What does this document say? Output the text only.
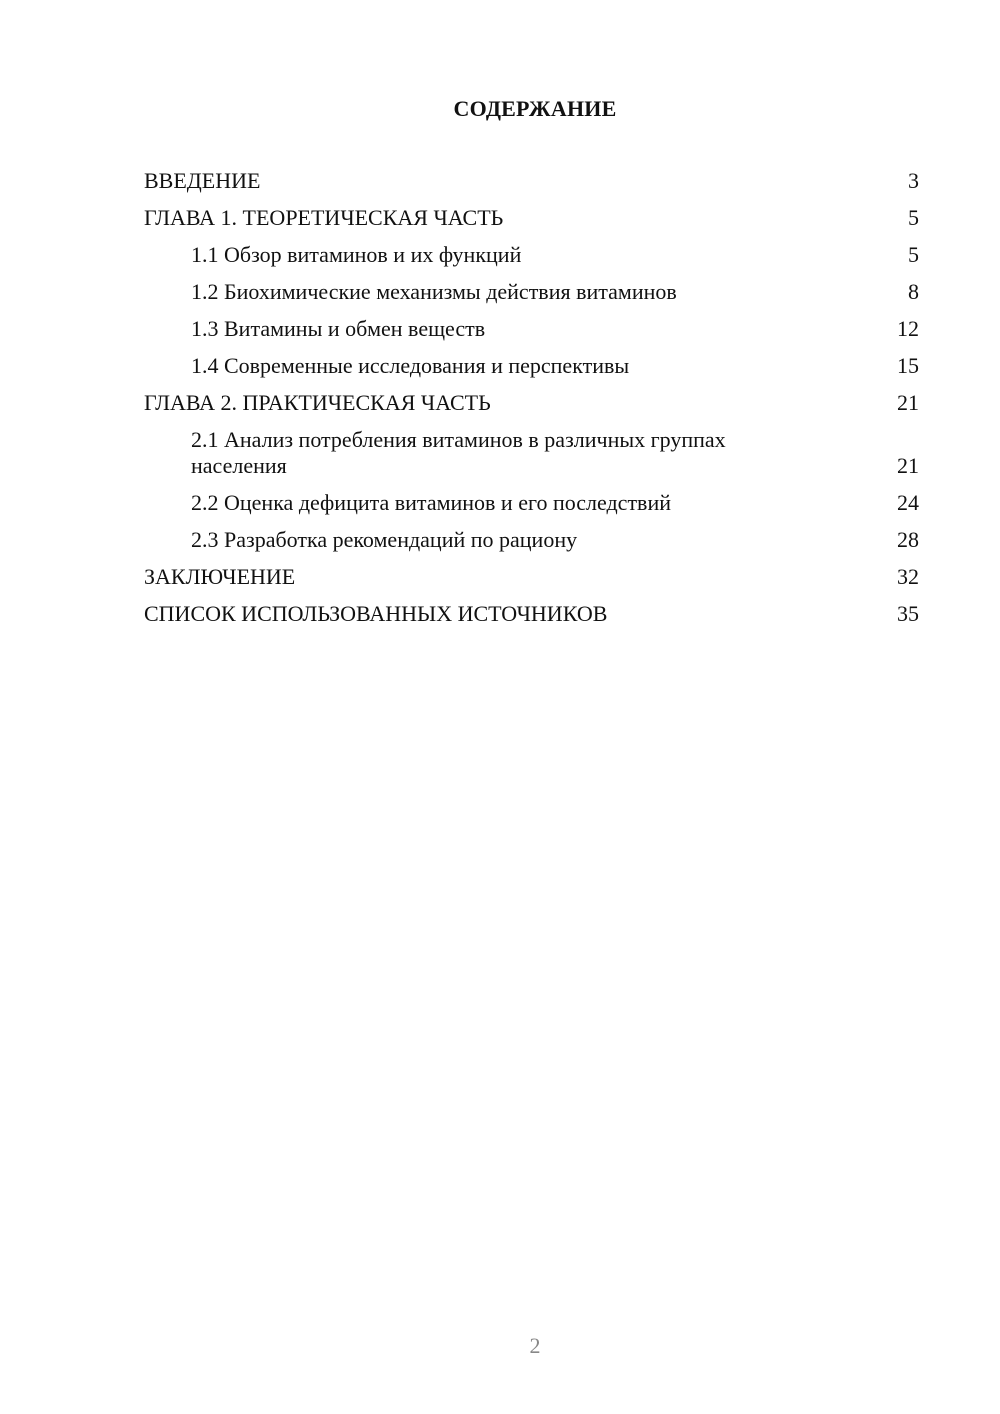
СОДЕРЖАНИЕ
ВВЕДЕНИЕ	3
ГЛАВА 1. ТЕОРЕТИЧЕСКАЯ ЧАСТЬ	5
1.1 Обзор витаминов и их функций	5
1.2 Биохимические механизмы действия витаминов	8
1.3 Витамины и обмен веществ	12
1.4 Современные исследования и перспективы	15
ГЛАВА 2. ПРАКТИЧЕСКАЯ ЧАСТЬ	21
2.1 Анализ потребления витаминов в различных группах населения	21
2.2 Оценка дефицита витаминов и его последствий	24
2.3 Разработка рекомендаций по рациону	28
ЗАКЛЮЧЕНИЕ	32
СПИСОК ИСПОЛЬЗОВАННЫХ ИСТОЧНИКОВ	35
2
